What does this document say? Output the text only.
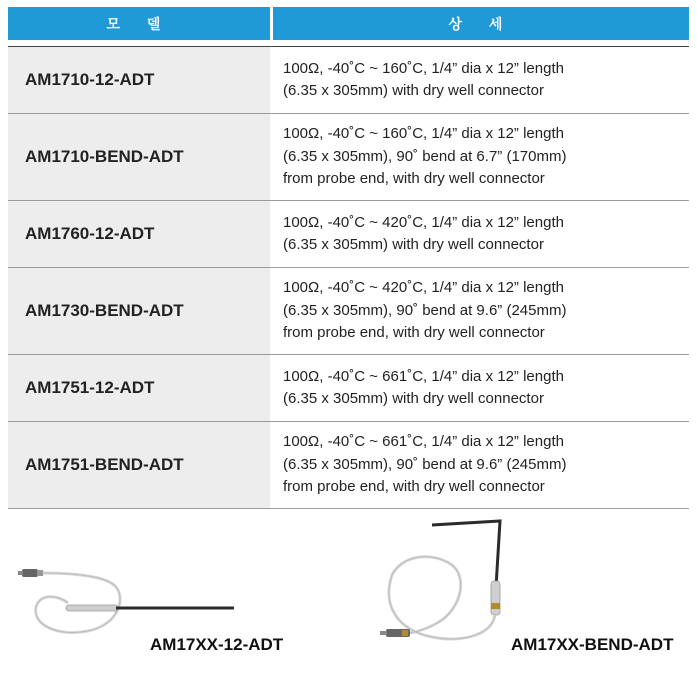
모 델	상 세
AM1710-12-ADT
100Ω, -40˚C ~ 160˚C, 1/4” dia x 12” length
(6.35 x 305mm) with dry well connector
AM1710-BEND-ADT
100Ω, -40˚C ~ 160˚C, 1/4” dia x 12” length
(6.35 x 305mm), 90˚ bend at 6.7” (170mm)
from probe end, with dry well connector
AM1760-12-ADT
100Ω, -40˚C ~ 420˚C, 1/4” dia x 12” length
(6.35 x 305mm) with dry well connector
AM1730-BEND-ADT
100Ω, -40˚C ~ 420˚C, 1/4” dia x 12” length
(6.35 x 305mm), 90˚ bend at 9.6” (245mm)
from probe end, with dry well connector
AM1751-12-ADT
100Ω, -40˚C ~ 661˚C, 1/4” dia x 12” length
(6.35 x 305mm) with dry well connector
AM1751-BEND-ADT
100Ω, -40˚C ~ 661˚C, 1/4” dia x 12” length
(6.35 x 305mm), 90˚ bend at 9.6” (245mm)
from probe end, with dry well connector
AM17XX-12-ADT	AM17XX-BEND-ADT
